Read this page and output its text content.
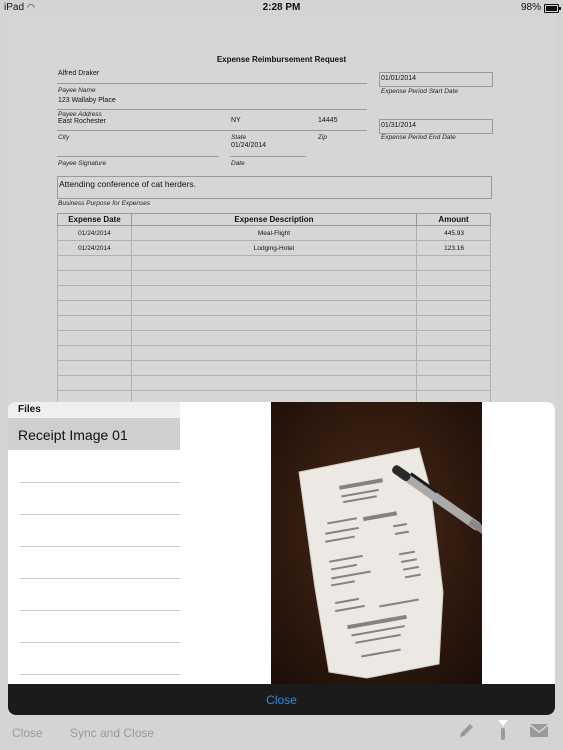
iPad ◠	2:28 PM	98%
Expense Reimbursement Request
Alfred Draker
Payee Name
01/01/2014
Expense Period Start Date
123 Wallaby Place
Payee Address
East Rochester	NY	14445
City	State	Zip
01/31/2014
Expense Period End Date
01/24/2014
Payee Signature	Date
Attending conference of cat herders.
Business Purpose for Expenses
Expense Date	Expense Description	Amount
01/24/2014	Meal-Flight	445.93
01/24/2014	Lodging-Hotel	123.16

Files
Receipt Image 01
Close
Close Sync and Close
